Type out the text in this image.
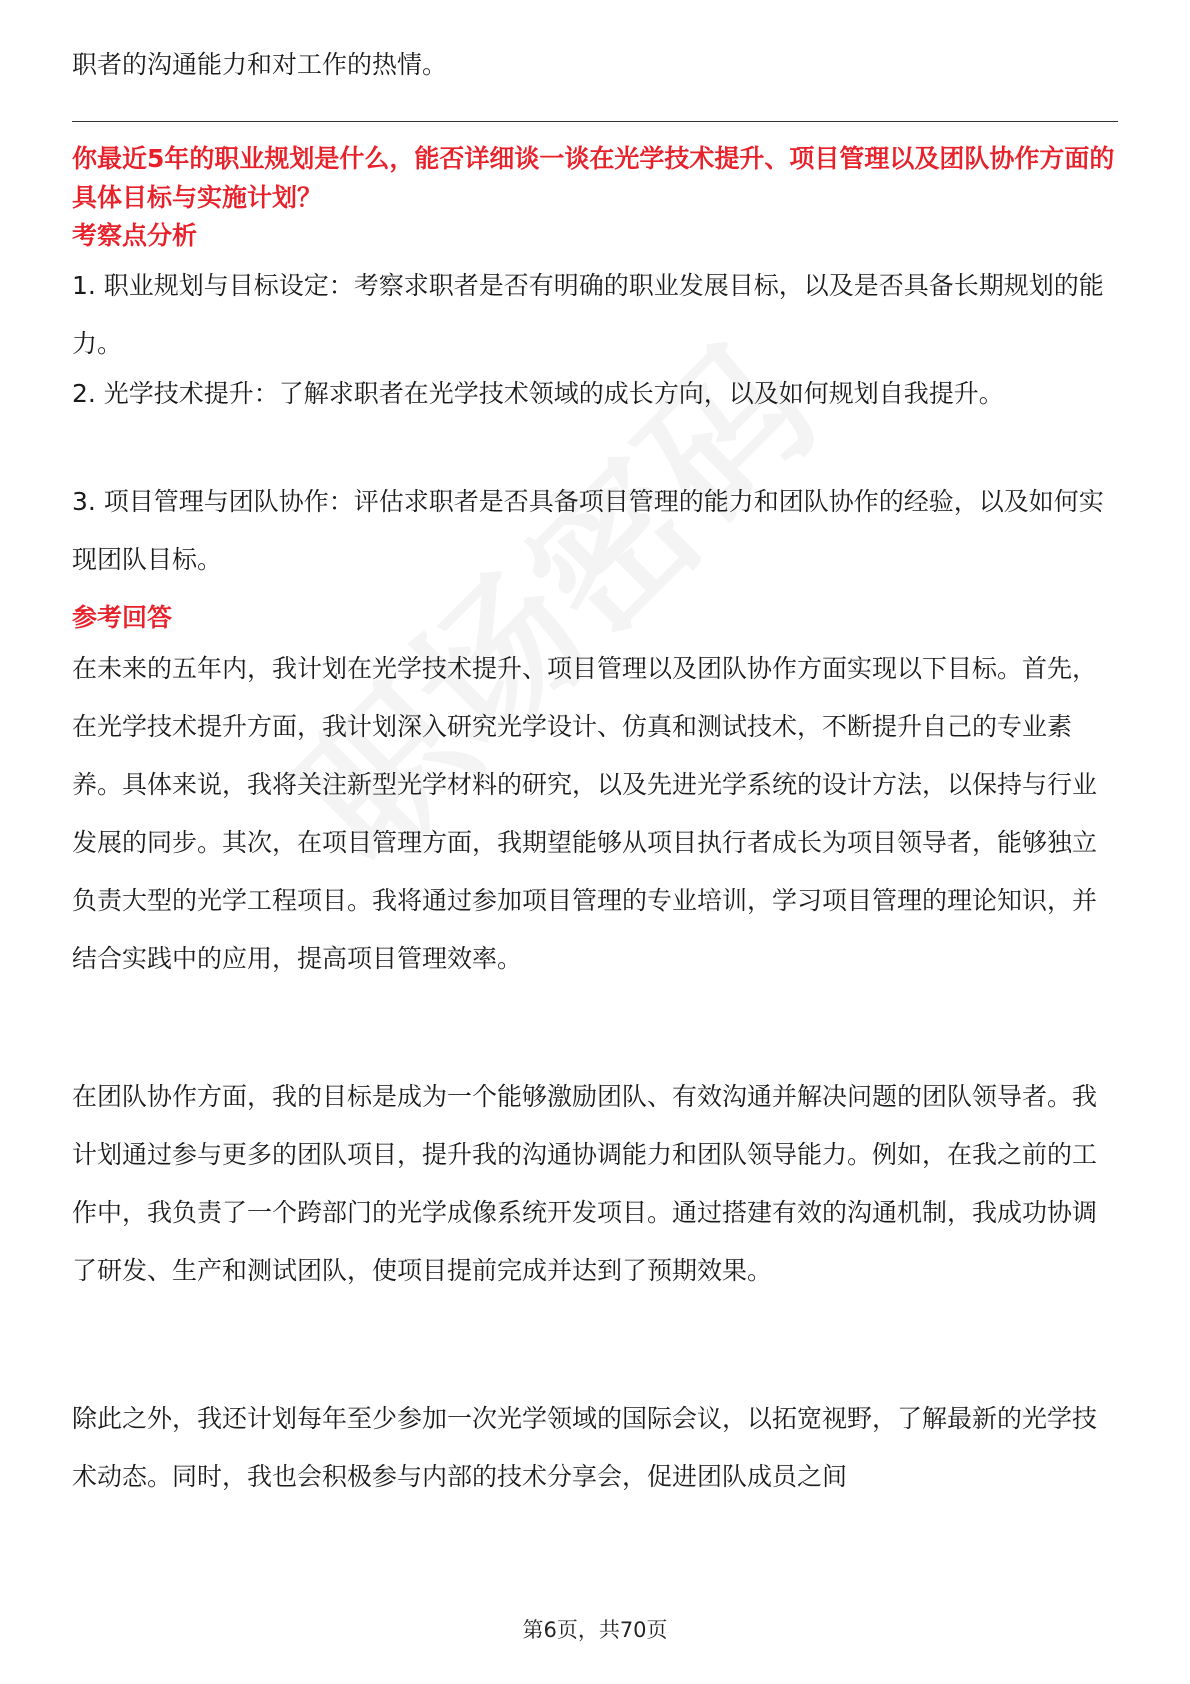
职者的沟通能力和对工作的热情。

你最近5年的职业规划是什么，能否详细谈一谈在光学技术提升、项目管理以及团队协作方面的具体目标与实施计划？

考察点分析

1. 职业规划与目标设定：考察求职者是否有明确的职业发展目标，以及是否具备长期规划的能力。

2. 光学技术提升：了解求职者在光学技术领域的成长方向，以及如何规划自我提升。

3. 项目管理与团队协作：评估求职者是否具备项目管理的能力和团队协作的经验，以及如何实现团队目标。

参考回答

在未来的五年内，我计划在光学技术提升、项目管理以及团队协作方面实现以下目标。首先，在光学技术提升方面，我计划深入研究光学设计、仿真和测试技术，不断提升自己的专业素养。具体来说，我将关注新型光学材料的研究，以及先进光学系统的设计方法，以保持与行业发展的同步。其次，在项目管理方面，我期望能够从项目执行者成长为项目领导者，能够独立负责大型的光学工程项目。我将通过参加项目管理的专业培训，学习项目管理的理论知识，并结合实践中的应用，提高项目管理效率。

在团队协作方面，我的目标是成为一个能够激励团队、有效沟通并解决问题的团队领导者。我计划通过参与更多的团队项目，提升我的沟通协调能力和团队领导能力。例如，在我之前的工作中，我负责了一个跨部门的光学成像系统开发项目。通过搭建有效的沟通机制，我成功协调了研发、生产和测试团队，使项目提前完成并达到了预期效果。

除此之外，我还计划每年至少参加一次光学领域的国际会议，以拓宽视野，了解最新的光学技术动态。同时，我也会积极参与内部的技术分享会，促进团队成员之间

第6页，共70页
